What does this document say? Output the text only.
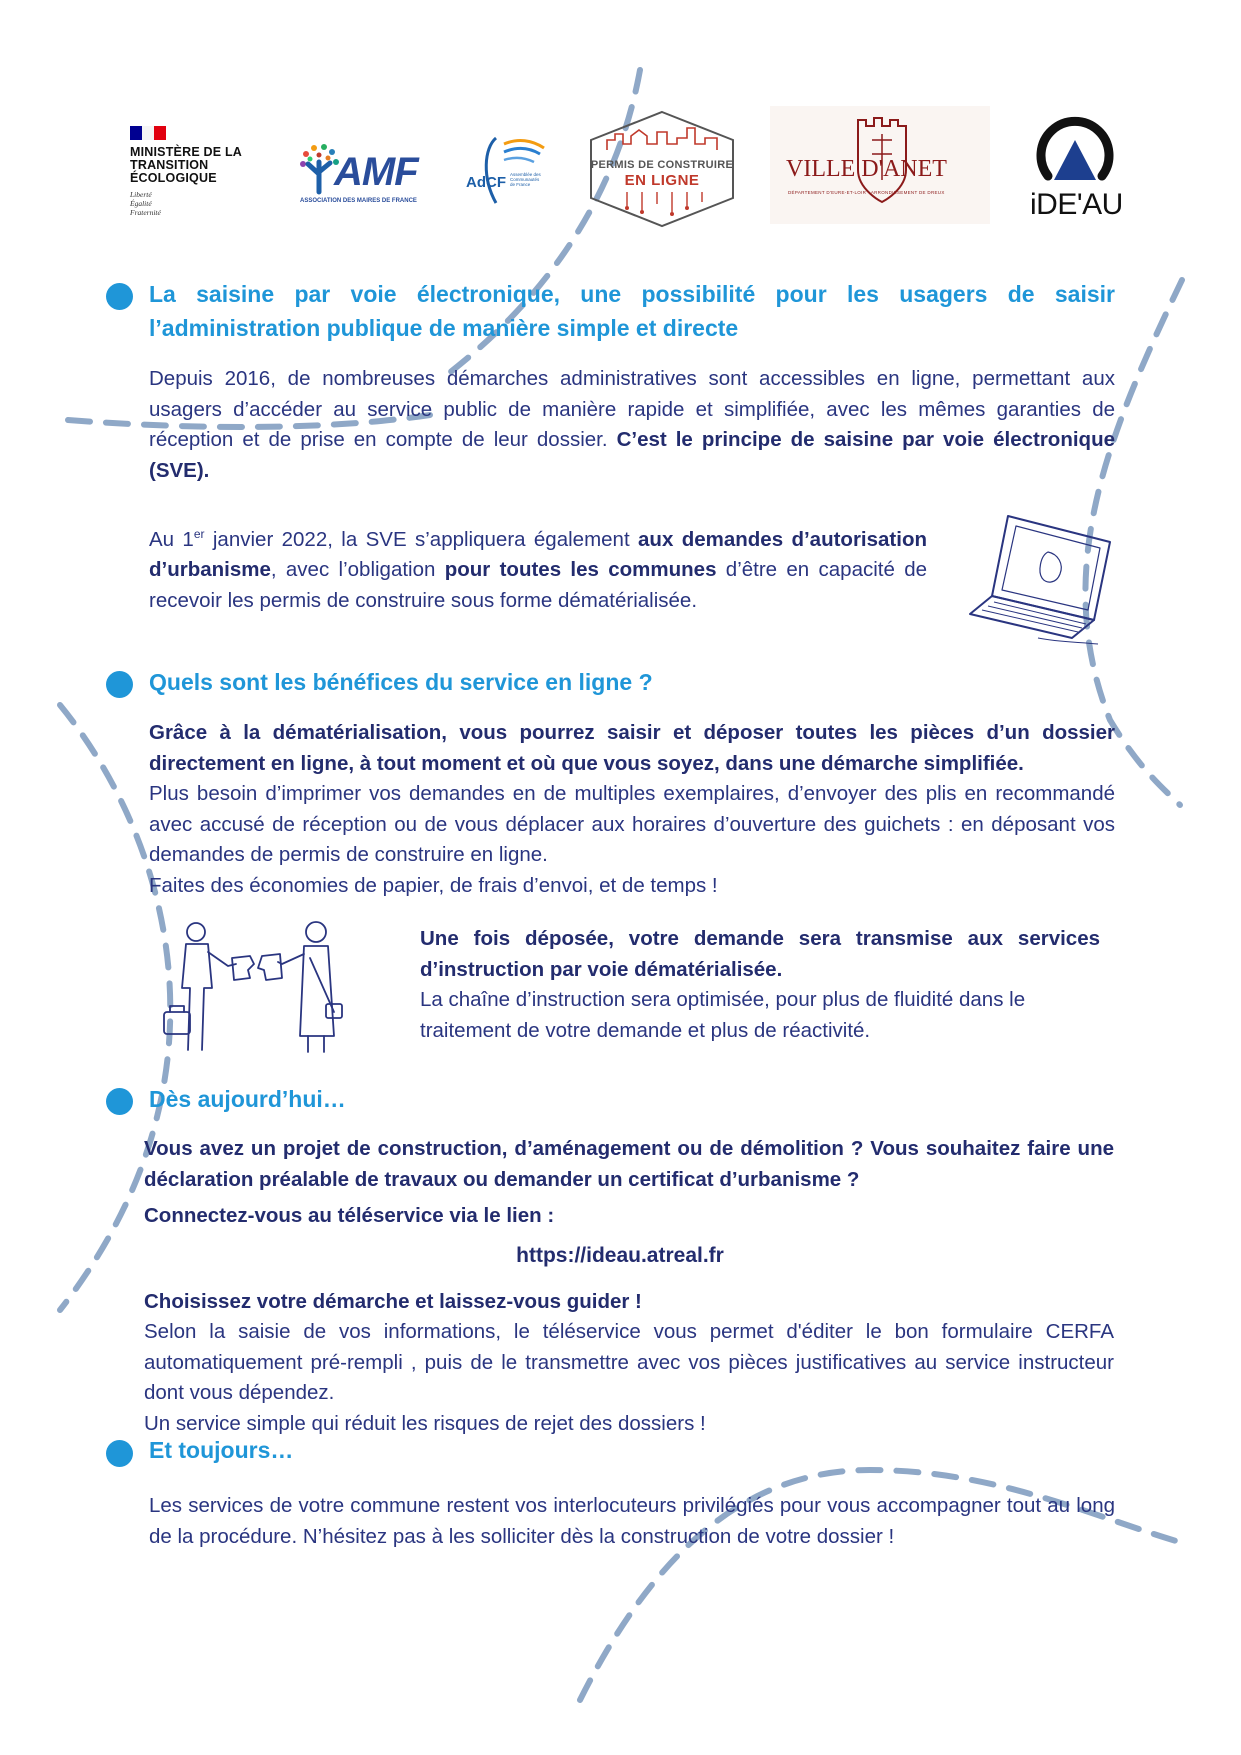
MINISTÈRE DE LA TRANSITION ÉCOLOGIQUE
Liberté
Égalité
Fraternité
AMF
ASSOCIATION DES MAIRES DE FRANCE
AdCF Assemblée des Communautés de France
PERMIS DE CONSTRUIRE
EN LIGNE	VILLE D'ANET
DÉPARTEMENT D'EURE-ET-LOIR · ARRONDISSEMENT DE DREUX	iDE'AU
La saisine par voie électronique, une possibilité pour les usagers de saisir l’administration publique de manière simple et directe
Depuis 2016, de nombreuses démarches administratives sont accessibles en ligne, permettant aux usagers d’accéder au service public de manière rapide et simplifiée, avec les mêmes garanties de réception et de prise en compte de leur dossier. C’est le principe de saisine par voie électronique (SVE).
Au 1er janvier 2022, la SVE s’appliquera également aux demandes d’autorisation d’urbanisme, avec l’obligation pour toutes les communes d’être en capacité de recevoir les permis de construire sous forme dématérialisée.
Quels sont les bénéfices du service en ligne ?
Grâce à la dématérialisation, vous pourrez saisir et déposer toutes les pièces d’un dossier directement en ligne, à tout moment et où que vous soyez, dans une démarche simplifiée.
Plus besoin d’imprimer vos demandes en de multiples exemplaires, d’envoyer des plis en recommandé avec accusé de réception ou de vous déplacer aux horaires d’ouverture des guichets : en déposant vos demandes de permis de construire en ligne.
Faites des économies de papier, de frais d’envoi, et de temps !
Une fois déposée, votre demande sera transmise aux services d’instruction par voie dématérialisée.
La chaîne d’instruction sera optimisée, pour plus de fluidité dans le traitement de votre demande et plus de réactivité.
Dès aujourd’hui…
Vous avez un projet de construction, d’aménagement ou de démolition ? Vous souhaitez faire une déclaration préalable de travaux ou demander un certificat d’urbanisme ?
Connectez-vous au téléservice via le lien :
https://ideau.atreal.fr
Choisissez votre démarche et laissez-vous guider !
Selon la saisie de vos informations, le téléservice vous permet d'éditer le bon formulaire CERFA automatiquement pré-rempli , puis de le transmettre avec vos pièces justificatives au service instructeur dont vous dépendez.
Un service simple qui réduit les risques de rejet des dossiers !
Et toujours…
Les services de votre commune restent vos interlocuteurs privilégiés pour vous accompagner tout au long de la procédure. N’hésitez pas à les solliciter dès la construction de votre dossier !
